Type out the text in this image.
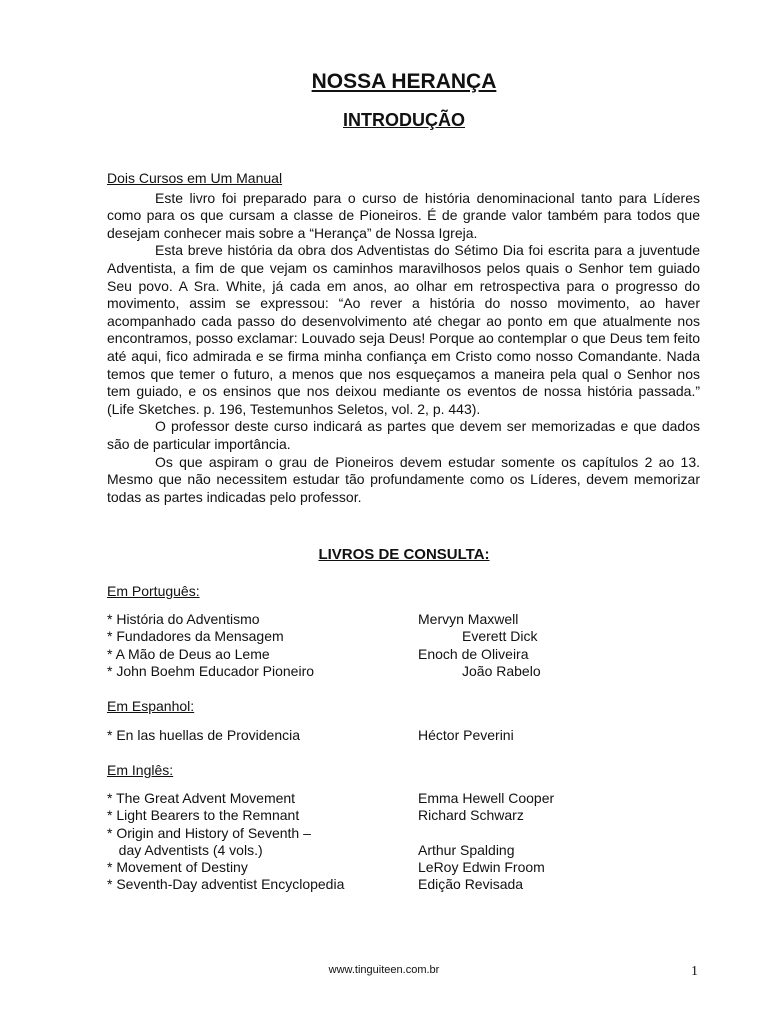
NOSSA HERANÇA
INTRODUÇÃO

Dois Cursos em Um Manual

Este livro foi preparado para o curso de história denominacional tanto para Líderes como para os que cursam a classe de Pioneiros. É de grande valor também para todos que desejam conhecer mais sobre a “Herança” de Nossa Igreja.

Esta breve história da obra dos Adventistas do Sétimo Dia foi escrita para a juventude Adventista, a fim de que vejam os caminhos maravilhosos pelos quais o Senhor tem guiado Seu povo. A Sra. White, já cada em anos, ao olhar em retrospectiva para o progresso do movimento, assim se expressou: “Ao rever a história do nosso movimento, ao haver acompanhado cada passo do desenvolvimento até chegar ao ponto em que atualmente nos encontramos, posso exclamar: Louvado seja Deus! Porque ao contemplar o que Deus tem feito até aqui, fico admirada e se firma minha confiança em Cristo como nosso Comandante. Nada temos que temer o futuro, a menos que nos esqueçamos a maneira pela qual o Senhor nos tem guiado, e os ensinos que nos deixou mediante os eventos de nossa história passada.” (Life Sketches. p. 196, Testemunhos Seletos, vol. 2, p. 443).

O professor deste curso indicará as partes que devem ser memorizadas e que dados são de particular importância.

Os que aspiram o grau de Pioneiros devem estudar somente os capítulos 2 ao 13. Mesmo que não necessitem estudar tão profundamente como os Líderes, devem memorizar todas as partes indicadas pelo professor.

LIVROS DE CONSULTA:

Em Português:

* História do Adventismo	Mervyn Maxwell
* Fundadores da Mensagem	Everett Dick
* A Mão de Deus ao Leme	Enoch de Oliveira
* John Boehm Educador Pioneiro	João Rabelo

Em Espanhol:

* En las huellas de Providencia	Héctor Peverini

Em Inglês:

* The Great Advent Movement	Emma Hewell Cooper
* Light Bearers to the Remnant	Richard Schwarz
* Origin and History of Seventh –
day Adventists (4 vols.)	Arthur Spalding
* Movement of Destiny	LeRoy Edwin Froom
* Seventh-Day adventist Encyclopedia	Edição Revisada
www.tinguiteen.com.br	1
